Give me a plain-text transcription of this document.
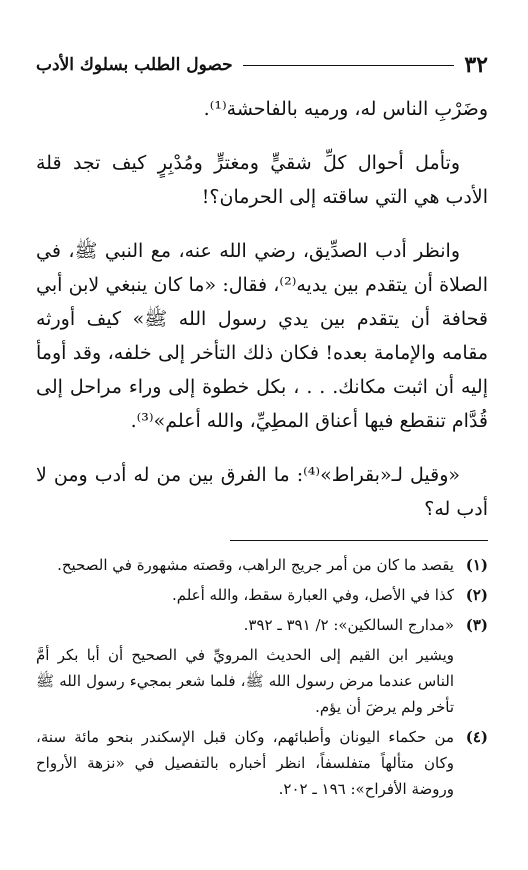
٣٢
حصول الطلب بسلوك الأدب

وضَرْبِ الناس له، ورميه بالفاحشة⁽¹⁾.

وتأمل أحوال كلِّ شقيٍّ ومغترٍّ ومُدْبِرٍ كيف تجد قلة الأدب هي التي ساقته إلى الحرمان؟!

وانظر أدب الصدِّيق، رضي الله عنه، مع النبي ﷺ، في الصلاة أن يتقدم بين يديه⁽²⁾، فقال: «ما كان ينبغي لابن أبي قحافة أن يتقدم بين يدي رسول الله ﷺ» كيف أورثه مقامه والإمامة بعده! فكان ذلك التأخر إلى خلفه، وقد أومأ إليه أن اثبت مكانك. . . ، بكل خطوة إلى وراء مراحل إلى قُدَّام تنقطع فيها أعناق المطِيِّ، والله أعلم»⁽³⁾.

«وقيل لـ«بقراط»⁽⁴⁾: ما الفرق بين من له أدب ومن لا أدب له؟

(١)
يقصد ما كان من أمر جريج الراهب، وقصته مشهورة في الصحيح.
(٢)
كذا في الأصل، وفي العبارة سقط، والله أعلم.
(٣)
«مدارج السالكين»: ٢/ ٣٩١ ـ ٣٩٢.
ويشير ابن القيم إلى الحديث المرويِّ في الصحيح أن أبا بكر أمَّ الناس عندما مرض رسول الله ﷺ، فلما شعر بمجيء رسول الله ﷺ تأخر ولم يرضَ أن يؤم.
(٤)
من حكماء اليونان وأطبائهم، وكان قبل الإسكندر بنحو مائة سنة، وكان متألهاً متفلسفاً، انظر أخباره بالتفصيل في «نزهة الأرواح وروضة الأفراح»: ١٩٦ ـ ٢٠٢.
